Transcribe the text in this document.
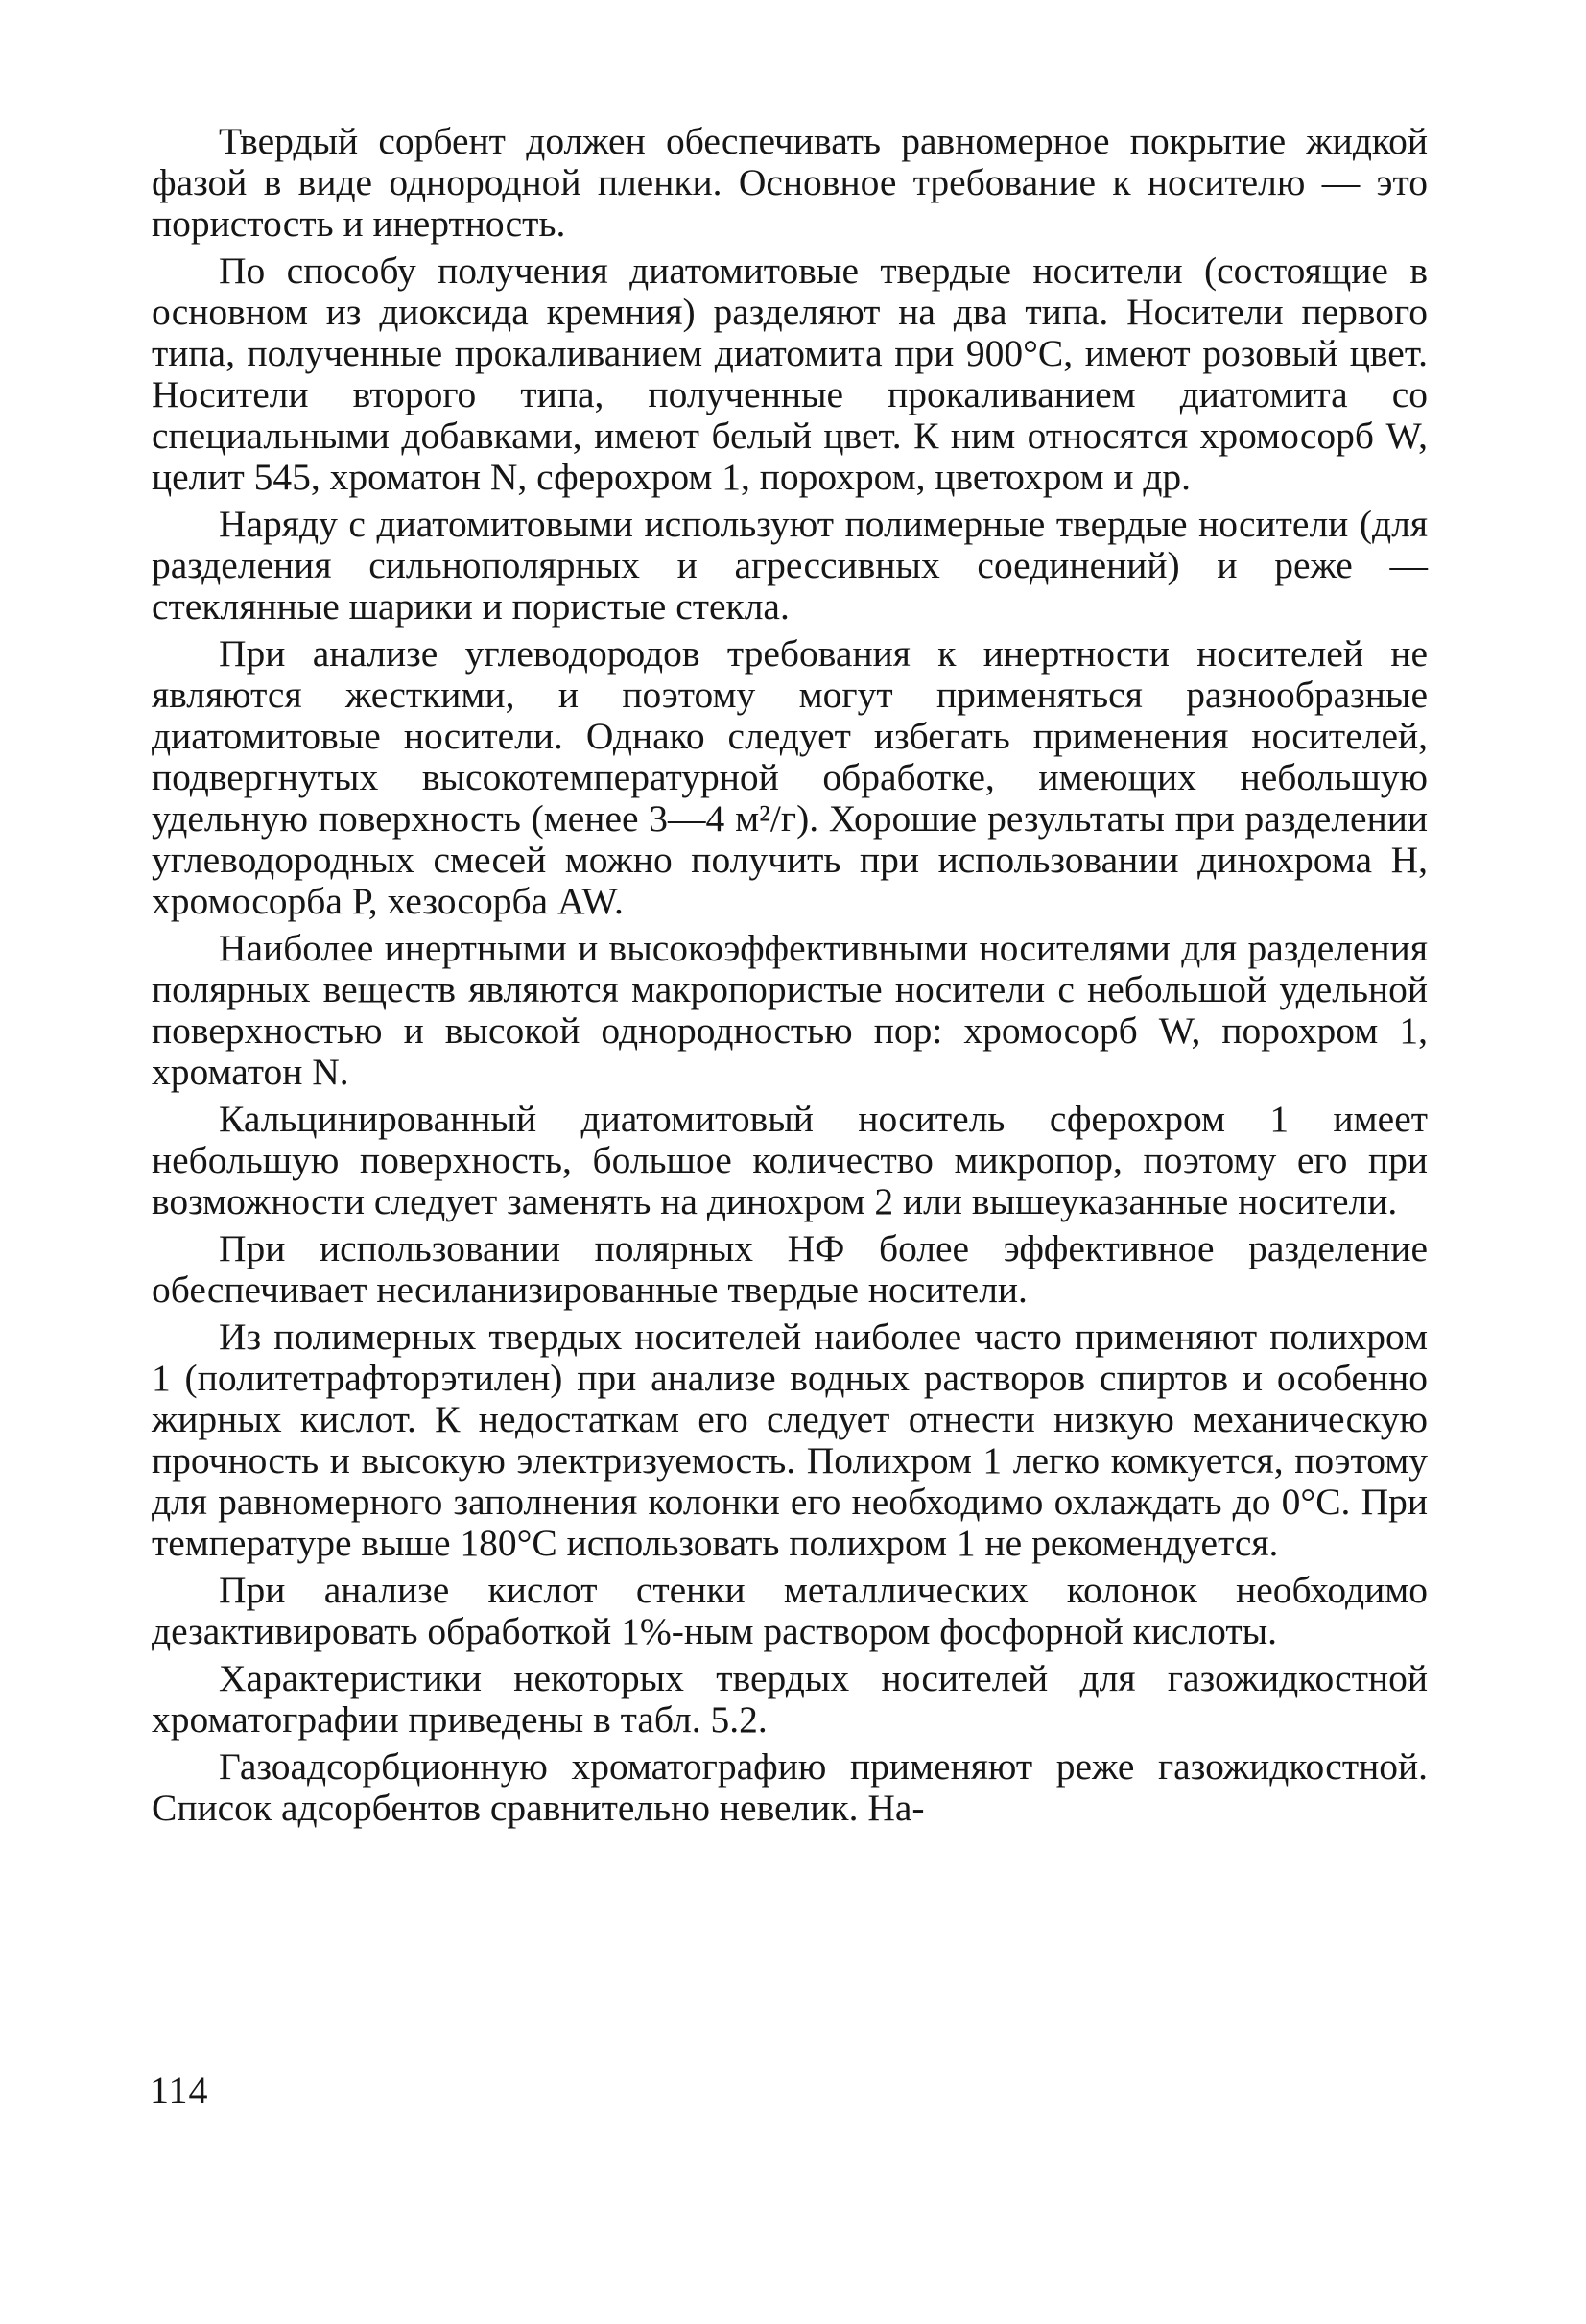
Твердый сорбент должен обеспечивать равномерное покрытие жидкой фазой в виде однородной пленки. Основное требование к носителю — это пористость и инертность.

По способу получения диатомитовые твердые носители (состоящие в основном из диоксида кремния) разделяют на два типа. Носители первого типа, полученные прокаливанием диатомита при 900°С, имеют розовый цвет. Носители второго типа, полученные прокаливанием диатомита со специальными добавками, имеют белый цвет. К ним относятся хромосорб W, целит 545, хроматон N, сферохром 1, порохром, цветохром и др.

Наряду с диатомитовыми используют полимерные твердые носители (для разделения сильнополярных и агрессивных соединений) и реже — стеклянные шарики и пористые стекла.

При анализе углеводородов требования к инертности носителей не являются жесткими, и поэтому могут применяться разнообразные диатомитовые носители. Однако следует избегать применения носителей, подвергнутых высокотемпературной обработке, имеющих небольшую удельную поверхность (менее 3—4 м²/г). Хорошие результаты при разделении углеводородных смесей можно получить при использовании динохрома Н, хромосорба Р, хезосорба AW.

Наиболее инертными и высокоэффективными носителями для разделения полярных веществ являются макропористые носители с небольшой удельной поверхностью и высокой однородностью пор: хромосорб W, порохром 1, хроматон N.

Кальцинированный диатомитовый носитель сферохром 1 имеет небольшую поверхность, большое количество микропор, поэтому его при возможности следует заменять на динохром 2 или вышеуказанные носители.

При использовании полярных НФ более эффективное разделение обеспечивает несиланизированные твердые носители.

Из полимерных твердых носителей наиболее часто применяют полихром 1 (политетрафторэтилен) при анализе водных растворов спиртов и особенно жирных кислот. К недостаткам его следует отнести низкую механическую прочность и высокую электризуемость. Полихром 1 легко комкуется, поэтому для равномерного заполнения колонки его необходимо охлаждать до 0°С. При температуре выше 180°С использовать полихром 1 не рекомендуется.

При анализе кислот стенки металлических колонок необходимо дезактивировать обработкой 1%-ным раствором фосфорной кислоты.

Характеристики некоторых твердых носителей для газожидкостной хроматографии приведены в табл. 5.2.

Газоадсорбционную хроматографию применяют реже газожидкостной. Список адсорбентов сравнительно невелик. На-

114
